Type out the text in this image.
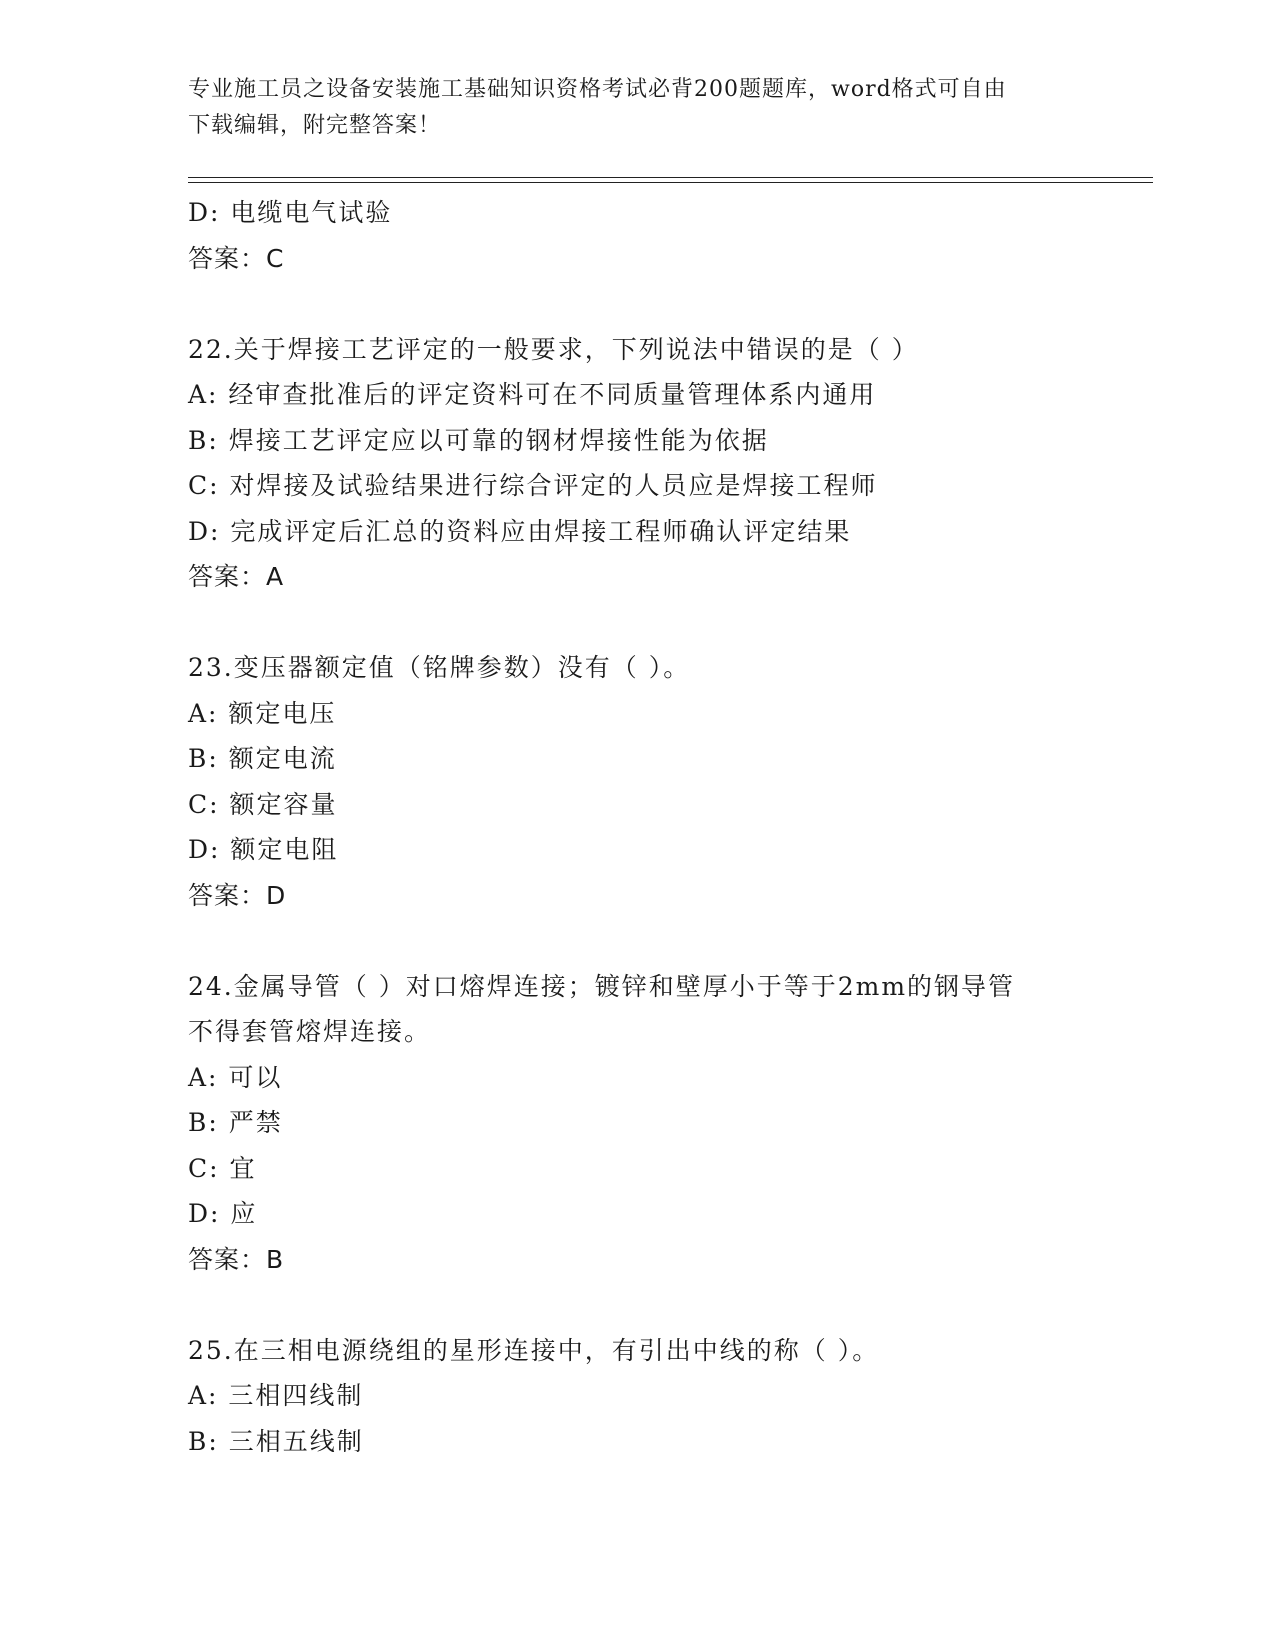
专业施工员之设备安装施工基础知识资格考试必背200题题库，word格式可自由
下载编辑，附完整答案！
D: 电缆电气试验
答案：C
22.关于焊接工艺评定的一般要求，下列说法中错误的是（ ）
A: 经审查批准后的评定资料可在不同质量管理体系内通用
B: 焊接工艺评定应以可靠的钢材焊接性能为依据
C: 对焊接及试验结果进行综合评定的人员应是焊接工程师
D: 完成评定后汇总的资料应由焊接工程师确认评定结果
答案：A
23.变压器额定值（铭牌参数）没有（ ）。
A: 额定电压
B: 额定电流
C: 额定容量
D: 额定电阻
答案：D
24.金属导管（ ）对口熔焊连接；镀锌和壁厚小于等于2mm的钢导管
不得套管熔焊连接。
A: 可以
B: 严禁
C: 宜
D: 应
答案：B
25.在三相电源绕组的星形连接中，有引出中线的称（ ）。
A: 三相四线制
B: 三相五线制
